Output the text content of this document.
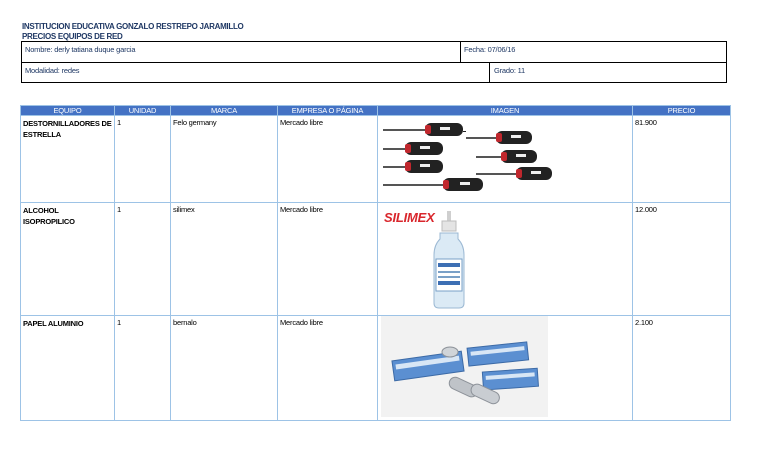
INSTITUCION EDUCATIVA GONZALO RESTREPO JARAMILLO
PRECIOS EQUIPOS DE RED
Nombre: derly tatiana duque garcia	Fecha: 07/06/16
Modalidad: redes	Grado: 11
EQUIPO	UNIDAD	MARCA	EMPRESA O PÁGINA	IMAGEN	PRECIO
DESTORNILLADORES DE ESTRELLA	1	Felo germany	Mercado libre		81.900
ALCOHOL ISOPROPILICO	1	silimex	Mercado libre	SILIMEX	12.000
PAPEL ALUMINIO	1	bernalo	Mercado libre		2.100
